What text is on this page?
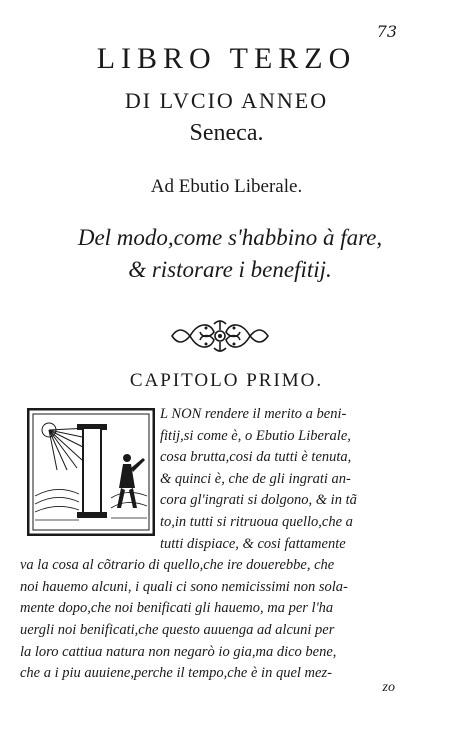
73
LIBRO TERZO
DI LVCIO ANNEO
Seneca.
Ad Ebutio Liberale.
Del modo,come s'habbino à fare,
& ristorare i benefitij.
CAPITOLO PRIMO.
L NON rendere il merito a beni-
fitij,si come è, o Ebutio Liberale,
cosa brutta,cosi da tutti è tenuta,
& quinci è, che de gli ingrati an-
cora gl'ingrati si dolgono, & in tã
to,in tutti si ritruoua quello,che a
tutti dispiace, & cosi fattamente
va la cosa al cõtrario di quello,che ire douerebbe, che
noi hauemo alcuni, i quali ci sono nemicissimi non sola-
mente dopo,che noi benificati gli hauemo, ma per l'ha
uergli noi benificati,che questo auuenga ad alcuni per
la loro cattiua natura non negarò io gia,ma dico bene,
che a i piu auuiene,perche il tempo,che è in quel mez-
zo
